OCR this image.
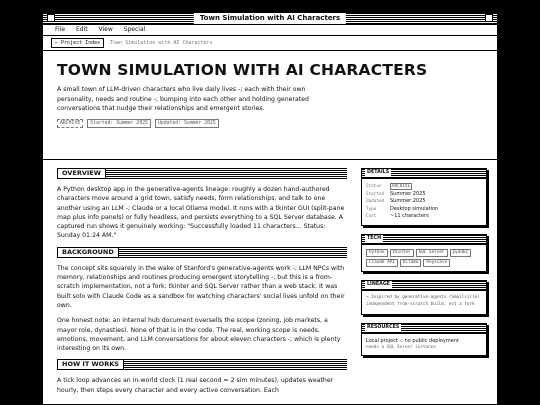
Town Simulation with AI Characters
File Edit View Special
← Project Index	Town Simulation with AI Characters
TOWN SIMULATION WITH AI CHARACTERS

A small town of LLM-driven characters who live daily lives -; each with their own personality, needs and routine -; bumping into each other and holding generated conversations that nudge their relationships and emergent stories.

ARCHIVE	Started: Summer 2025	Updated: Summer 2025
OVERVIEW

A Python desktop app in the generative-agents lineage: roughly a dozen hand-authored characters move around a grid town, satisfy needs, form relationships, and talk to one another using an LLM -; Claude or a local Ollama model. It runs with a tkinter GUI (split-pane map plus info panels) or fully headless, and persists everything to a SQL Server database. A captured run shows it genuinely working: "Successfully loaded 11 characters... Status: Sunday 01:24 AM."

BACKGROUND

The concept sits squarely in the wake of Stanford's generative-agents work -; LLM NPCs with memory, relationships and routines producing emergent storytelling -; but this is a from-scratch implementation, not a fork: tkinter and SQL Server rather than a web stack. It was built solo with Claude Code as a sandbox for watching characters' social lives unfold on their own.

One honest note: an internal hub document oversells the scope (zoning, job markets, a mayor role, dynasties). None of that is in the code. The real, working scope is needs, emotions, movement, and LLM conversations for about eleven characters -; which is plenty interesting on its own.

HOW IT WORKS

A tick loop advances an in-world clock (1 real second = 2 sim minutes), updates weather hourly, then steps every character and every active conversation. Each

DETAILS
Status	ARCHIVE
Started	Summer 2025
Updated	Summer 2025
Type	Desktop simulation
Cast	~11 characters
TECH
Python	tkinter	SQL Server	pyodbc
Claude API	Ollama	Anyscale
LINEAGE
→ Inspired by generative-agents (Smallville)
independent from-scratch build, not a fork
RESOURCES
Local project -; no public deployment
needs a SQL Server instance
